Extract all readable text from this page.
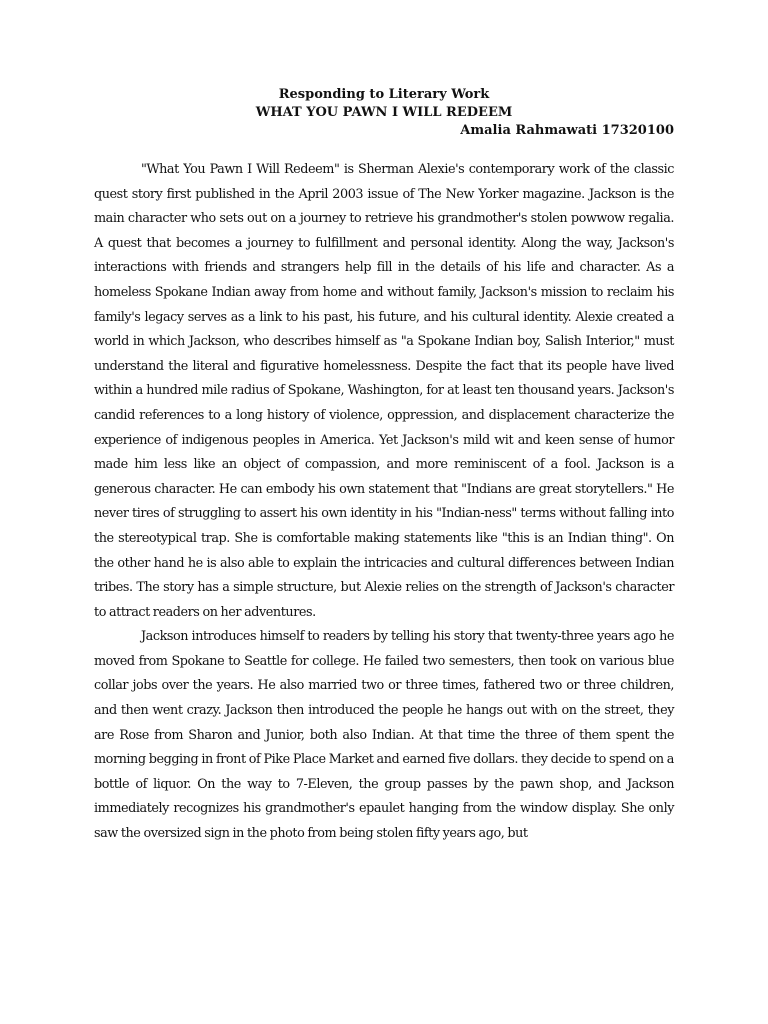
Responding to Literary Work

WHAT YOU PAWN I WILL REDEEM

Amalia Rahmawati 17320100

"What You Pawn I Will Redeem" is Sherman Alexie's contemporary work of the classic quest story first published in the April 2003 issue of The New Yorker magazine. Jackson is the main character who sets out on a journey to retrieve his grandmother's stolen powwow regalia. A quest that becomes a journey to fulfillment and personal identity. Along the way, Jackson's interactions with friends and strangers help fill in the details of his life and character. As a homeless Spokane Indian away from home and without family, Jackson's mission to reclaim his family's legacy serves as a link to his past, his future, and his cultural identity. Alexie created a world in which Jackson, who describes himself as "a Spokane Indian boy, Salish Interior," must understand the literal and figurative homelessness. Despite the fact that its people have lived within a hundred mile radius of Spokane, Washington, for at least ten thousand years. Jackson's candid references to a long history of violence, oppression, and displacement characterize the experience of indigenous peoples in America. Yet Jackson's mild wit and keen sense of humor made him less like an object of compassion, and more reminiscent of a fool. Jackson is a generous character. He can embody his own statement that "Indians are great storytellers." He never tires of struggling to assert his own identity in his "Indian-ness" terms without falling into the stereotypical trap. She is comfortable making statements like "this is an Indian thing". On the other hand he is also able to explain the intricacies and cultural differences between Indian tribes. The story has a simple structure, but Alexie relies on the strength of Jackson's character to attract readers on her adventures.

Jackson introduces himself to readers by telling his story that twenty-three years ago he moved from Spokane to Seattle for college. He failed two semesters, then took on various blue collar jobs over the years. He also married two or three times, fathered two or three children, and then went crazy. Jackson then introduced the people he hangs out with on the street, they are Rose from Sharon and Junior, both also Indian. At that time the three of them spent the morning begging in front of Pike Place Market and earned five dollars. they decide to spend on a bottle of liquor. On the way to 7-Eleven, the group passes by the pawn shop, and Jackson immediately recognizes his grandmother's epaulet hanging from the window display. She only saw the oversized sign in the photo from being stolen fifty years ago, but
